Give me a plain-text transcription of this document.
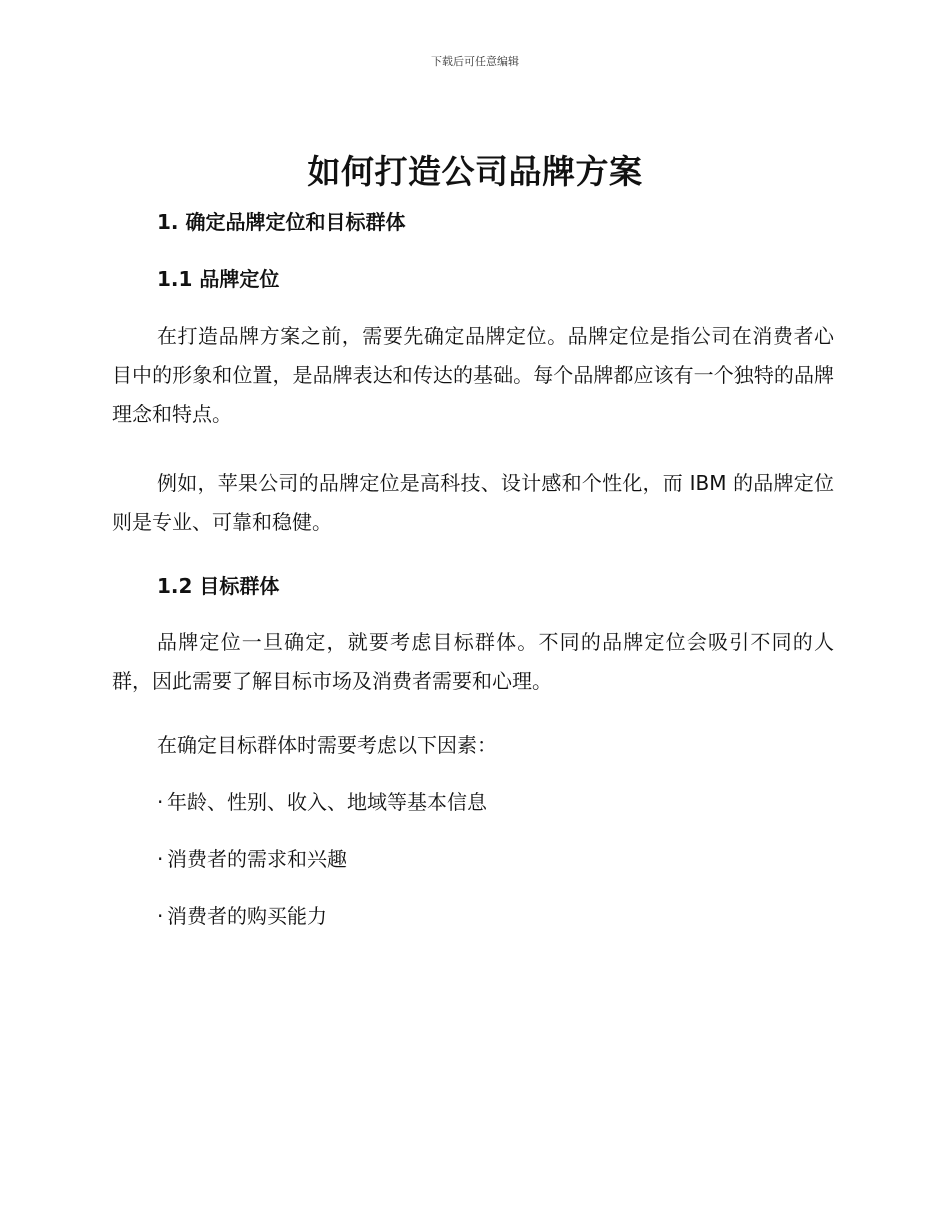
下载后可任意编辑
如何打造公司品牌方案

1. 确定品牌定位和目标群体

1.1 品牌定位

在打造品牌方案之前，需要先确定品牌定位。品牌定位是指公司在消费者心目中的形象和位置，是品牌表达和传达的基础。每个品牌都应该有一个独特的品牌理念和特点。

例如，苹果公司的品牌定位是高科技、设计感和个性化，而 IBM 的品牌定位则是专业、可靠和稳健。

1.2 目标群体

品牌定位一旦确定，就要考虑目标群体。不同的品牌定位会吸引不同的人群，因此需要了解目标市场及消费者需要和心理。

在确定目标群体时需要考虑以下因素：

· 年龄、性别、收入、地域等基本信息

· 消费者的需求和兴趣

· 消费者的购买能力
